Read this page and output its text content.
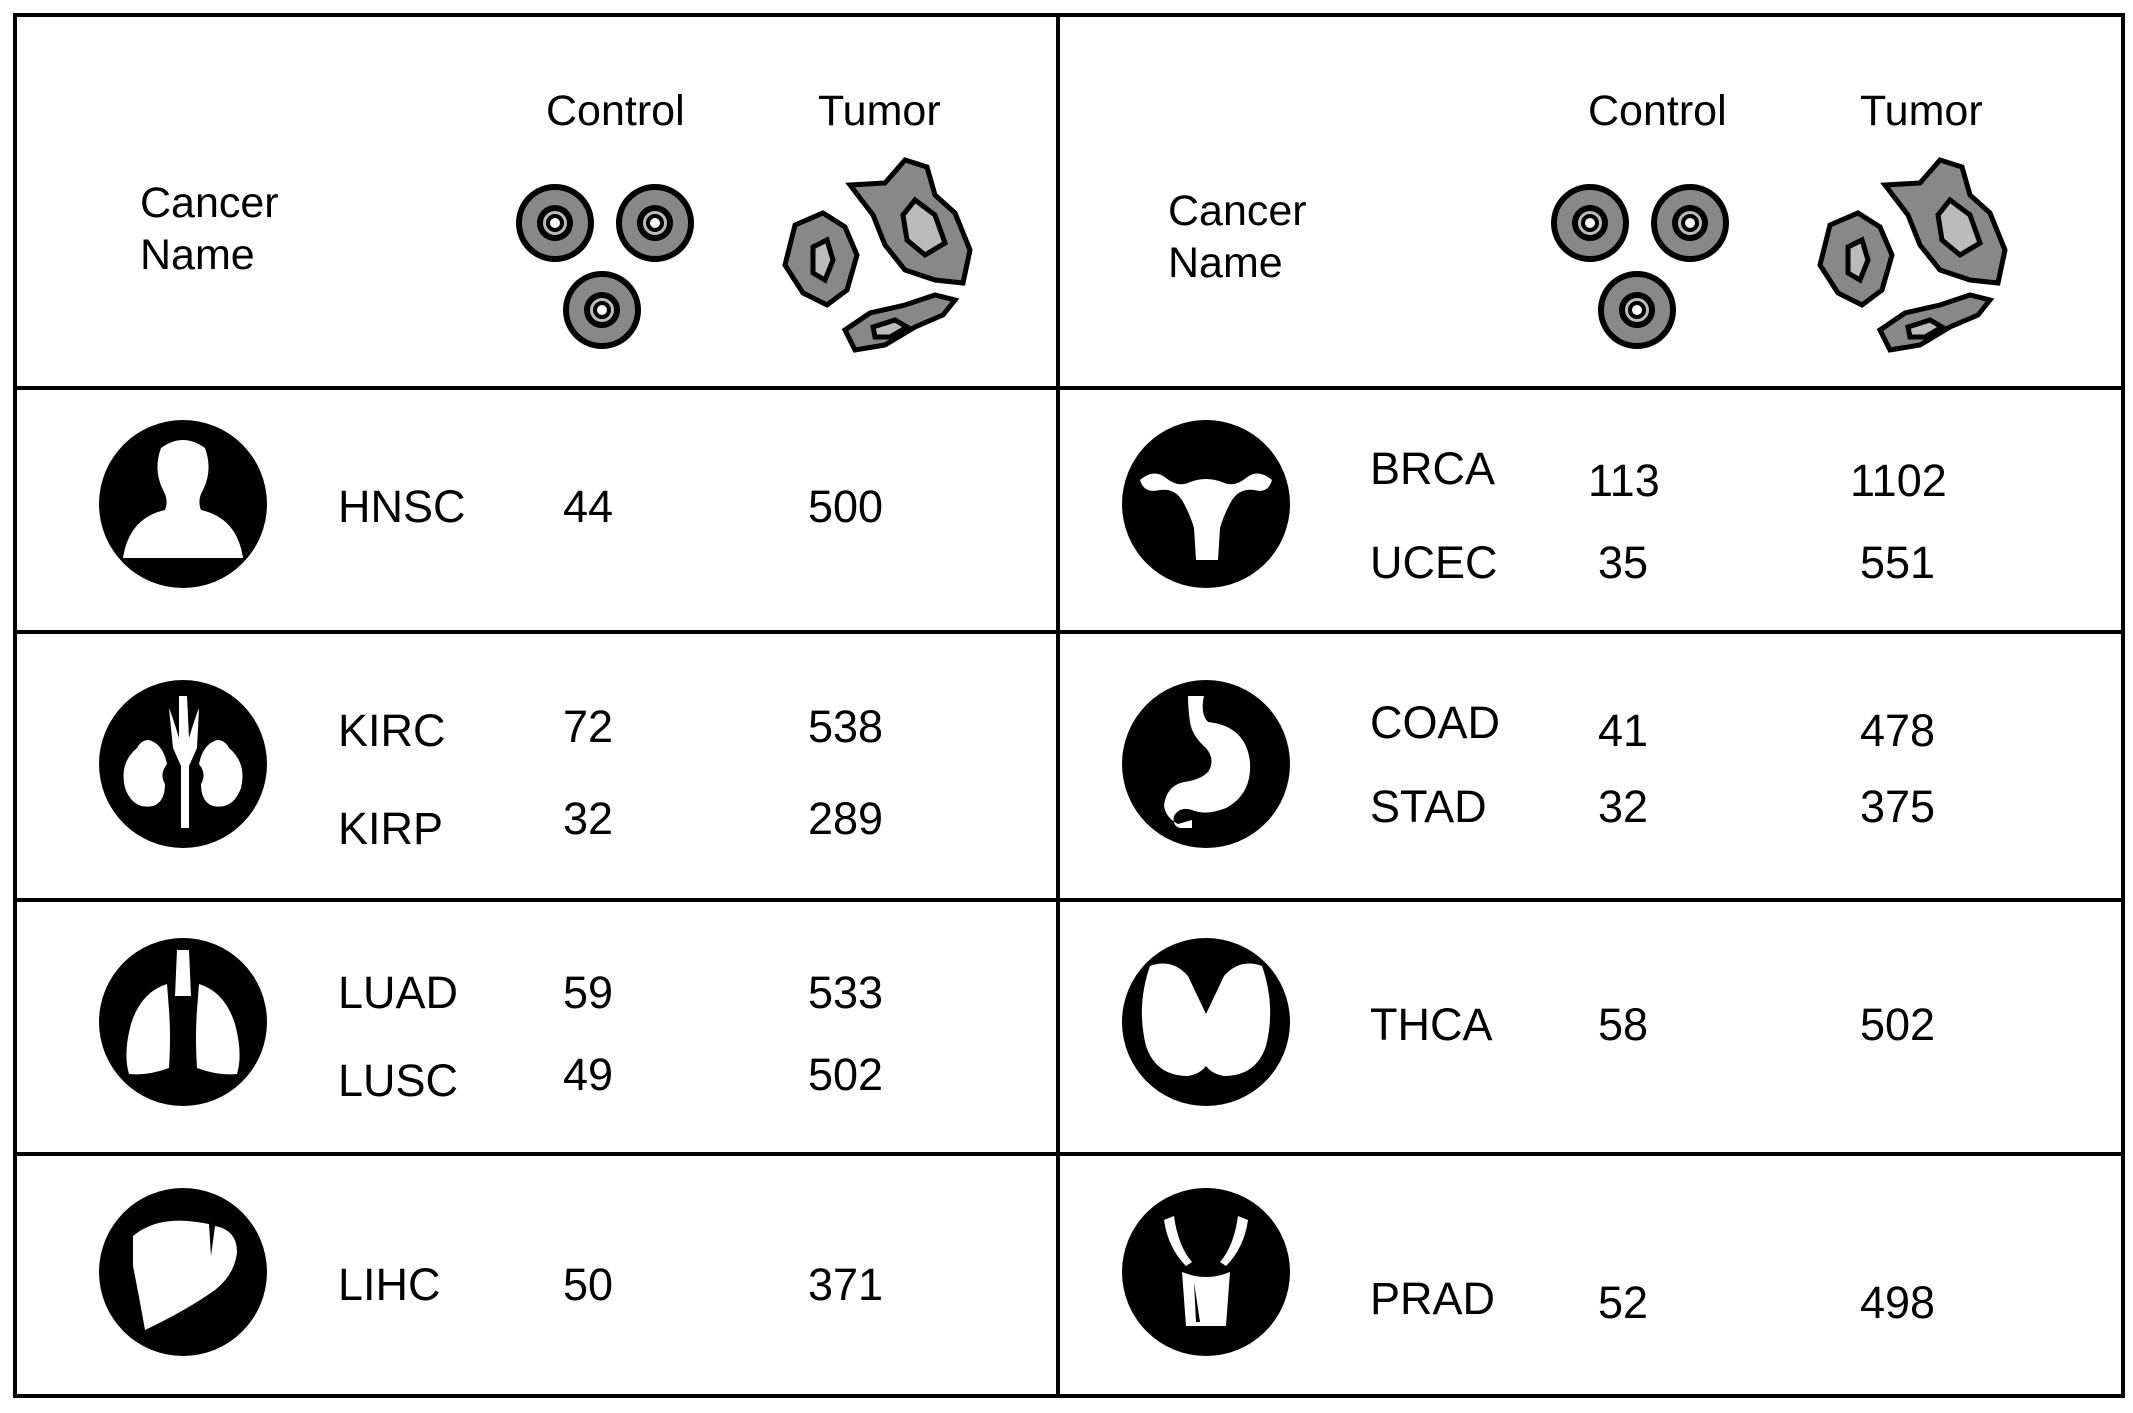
Cancer
Name
Control	Tumor
Cancer
Name
Control	Tumor
HNSC 44	500
KIRC	72	538
KIRP	32	289
LUAD 59	533
LUSC 49	502
LIHC	50	371
BRCA 113	1102
UCEC 35	551
COAD 41	478
STAD 32	375
THCA 58	502
PRAD 52	498
